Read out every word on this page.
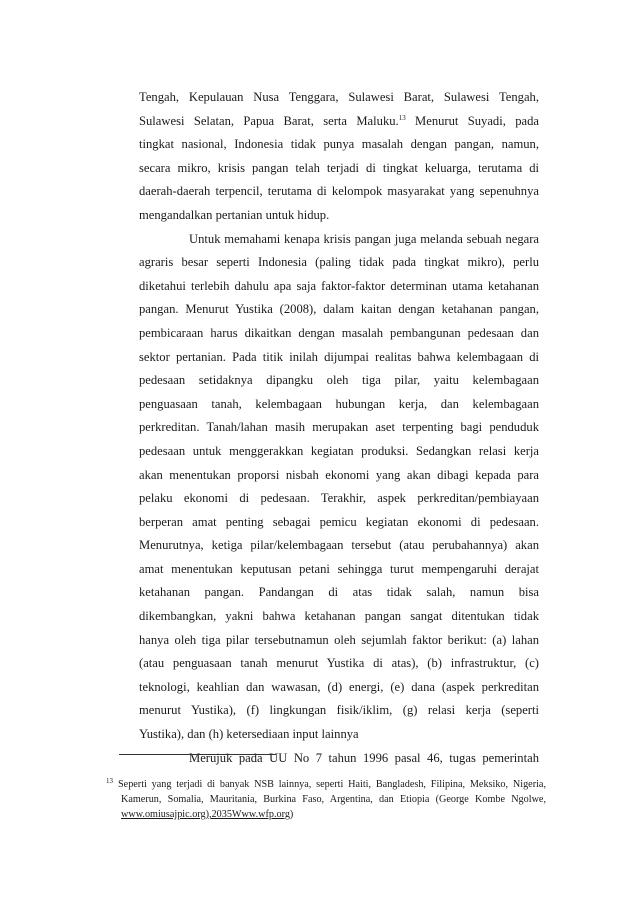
Tengah, Kepulauan Nusa Tenggara, Sulawesi Barat, Sulawesi Tengah,
Sulawesi Selatan, Papua Barat, serta Maluku.$^{13}$ Menurut Suyadi, pada
tingkat nasional, Indonesia tidak punya masalah dengan pangan, namun,
secara mikro, krisis pangan telah terjadi di tingkat keluarga, terutama di
daerah-daerah terpencil, terutama di kelompok masyarakat yang sepenuhnya
mengandalkan pertanian untuk hidup.
Untuk memahami kenapa krisis pangan juga melanda sebuah negara
agraris besar seperti Indonesia (paling tidak pada tingkat mikro), perlu
diketahui terlebih dahulu apa saja faktor-faktor determinan utama ketahanan
pangan. Menurut Yustika (2008), dalam kaitan dengan ketahanan pangan,
pembicaraan harus dikaitkan dengan masalah pembangunan pedesaan dan
sektor pertanian. Pada titik inilah dijumpai realitas bahwa kelembagaan di
pedesaan setidaknya dipangku oleh tiga pilar, yaitu kelembagaan
penguasaan tanah, kelembagaan hubungan kerja, dan kelembagaan
perkreditan. Tanah/lahan masih merupakan aset terpenting bagi penduduk
pedesaan untuk menggerakkan kegiatan produksi. Sedangkan relasi kerja
akan menentukan proporsi nisbah ekonomi yang akan dibagi kepada para
pelaku ekonomi di pedesaan. Terakhir, aspek perkreditan/pembiayaan
berperan amat penting sebagai pemicu kegiatan ekonomi di pedesaan.
Menurutnya, ketiga pilar/kelembagaan tersebut (atau perubahannya) akan
amat menentukan keputusan petani sehingga turut mempengaruhi derajat
ketahanan pangan. Pandangan di atas tidak salah, namun bisa
dikembangkan, yakni bahwa ketahanan pangan sangat ditentukan tidak
hanya oleh tiga pilar tersebutnamun oleh sejumlah faktor berikut: (a) lahan
(atau penguasaan tanah menurut Yustika di atas), (b) infrastruktur, (c)
teknologi, keahlian dan wawasan, (d) energi, (e) dana (aspek perkreditan
menurut Yustika), (f) lingkungan fisik/iklim, (g) relasi kerja (seperti
Yustika), dan (h) ketersediaan input lainnya
Merujuk pada UU No 7 tahun 1996 pasal 46, tugas pemerintah
$^{13}$ Seperti yang terjadi di banyak NSB lainnya, seperti Haiti, Bangladesh, Filipina, Meksiko, Nigeria,
Kamerun, Somalia, Mauritania, Burkina Faso, Argentina, dan Etiopia (George Kombe Ngolwe,
www.omiusajpic.org),2035Www.wfp.org)
